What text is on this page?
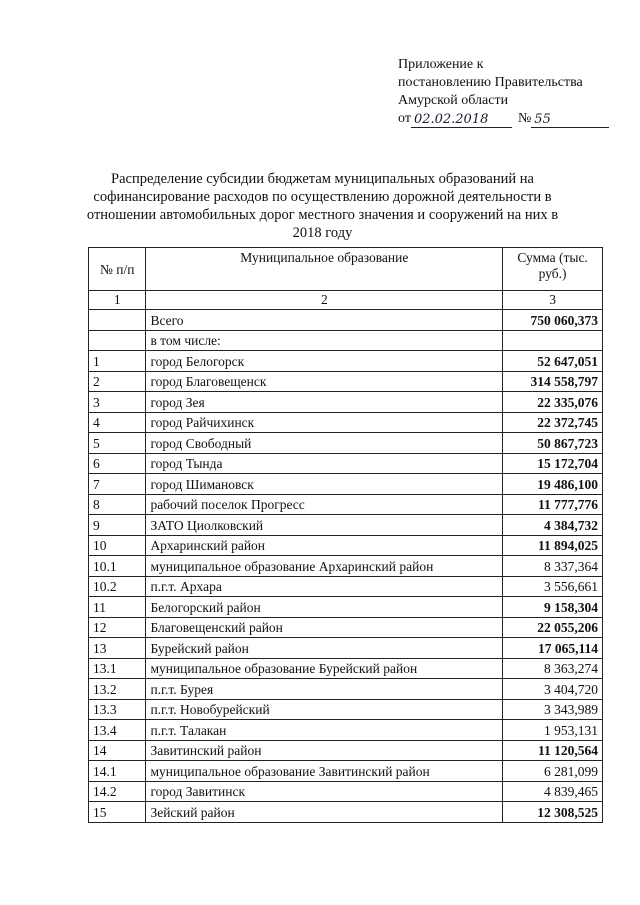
Приложение к
постановлению Правительства
Амурской области
от 02.02.2018	№ 55
Распределение субсидии бюджетам муниципальных образований на софинансирование расходов по осуществлению дорожной деятельности в отношении автомобильных дорог местного значения и сооружений на них в 2018 году
№ п/п	Муниципальное образование	Сумма (тыс. руб.)
1	2	3
	Всего	750 060,373
	в том числе:	
1	город Белогорск	52 647,051
2	город Благовещенск	314 558,797
3	город Зея	22 335,076
4	город Райчихинск	22 372,745
5	город Свободный	50 867,723
6	город Тында	15 172,704
7	город Шимановск	19 486,100
8	рабочий поселок Прогресс	11 777,776
9	ЗАТО Циолковский	4 384,732
10	Архаринский район	11 894,025
10.1	муниципальное образование Архаринский район	8 337,364
10.2	п.г.т. Архара	3 556,661
11	Белогорский район	9 158,304
12	Благовещенский район	22 055,206
13	Бурейский район	17 065,114
13.1	муниципальное образование Бурейский район	8 363,274
13.2	п.г.т. Бурея	3 404,720
13.3	п.г.т. Новобурейский	3 343,989
13.4	п.г.т. Талакан	1 953,131
14	Завитинский район	11 120,564
14.1	муниципальное образование Завитинский район	6 281,099
14.2	город Завитинск	4 839,465
15	Зейский район	12 308,525
